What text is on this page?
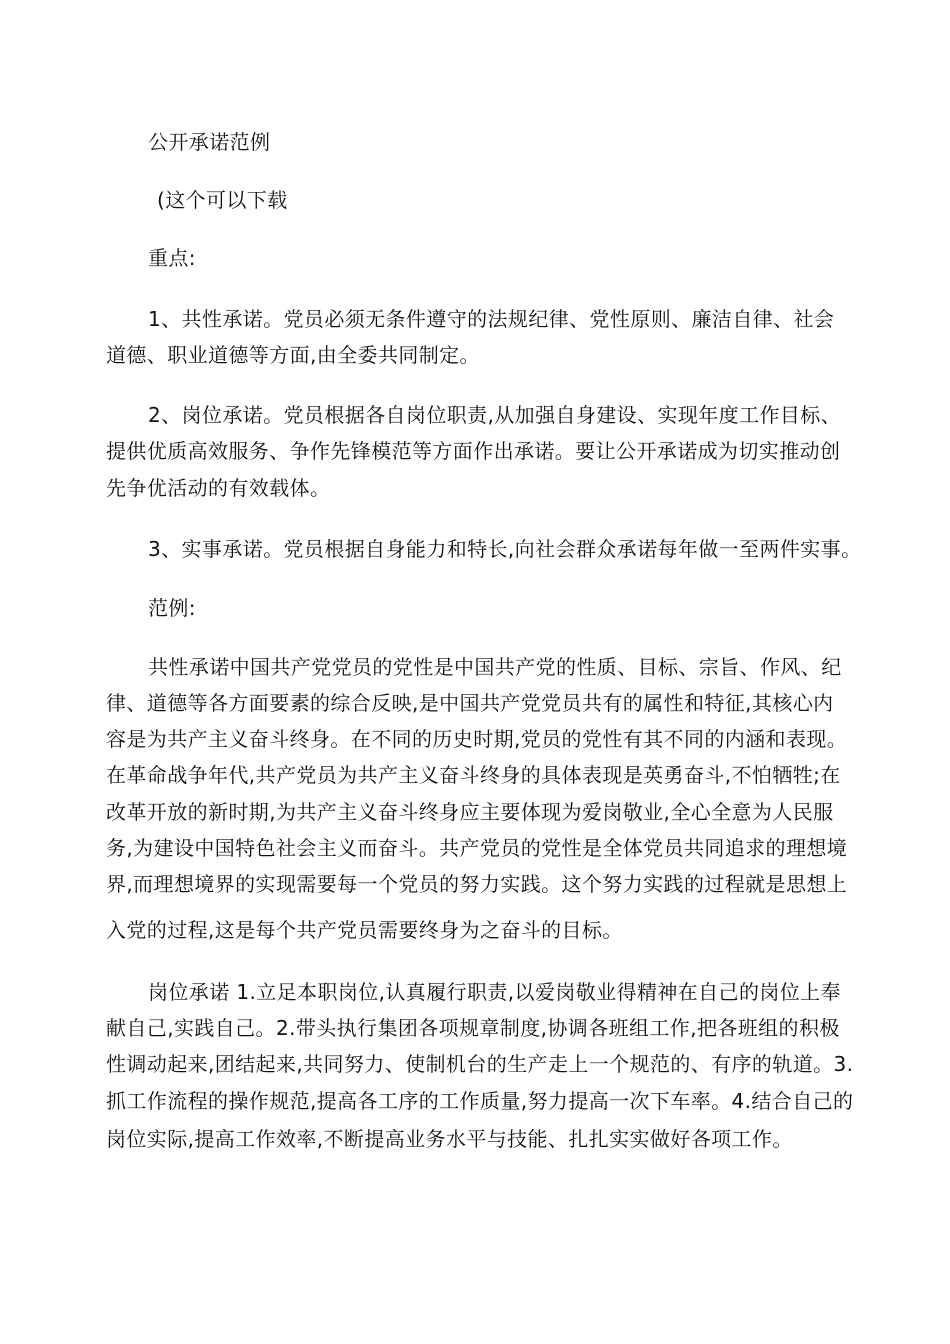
公开承诺范例
(这个可以下载
重点:
1、共性承诺。党员必须无条件遵守的法规纪律、党性原则、廉洁自律、社会
道德、职业道德等方面,由全委共同制定。
2、岗位承诺。党员根据各自岗位职责,从加强自身建设、实现年度工作目标、
提供优质高效服务、争作先锋模范等方面作出承诺。要让公开承诺成为切实推动创
先争优活动的有效载体。
3、实事承诺。党员根据自身能力和特长,向社会群众承诺每年做一至两件实事。
范例:
共性承诺中国共产党党员的党性是中国共产党的性质、目标、宗旨、作风、纪
律、道德等各方面要素的综合反映,是中国共产党党员共有的属性和特征,其核心内
容是为共产主义奋斗终身。在不同的历史时期,党员的党性有其不同的内涵和表现。
在革命战争年代,共产党员为共产主义奋斗终身的具体表现是英勇奋斗,不怕牺牲;在
改革开放的新时期,为共产主义奋斗终身应主要体现为爱岗敬业,全心全意为人民服
务,为建设中国特色社会主义而奋斗。共产党员的党性是全体党员共同追求的理想境
界,而理想境界的实现需要每一个党员的努力实践。这个努力实践的过程就是思想上
入党的过程,这是每个共产党员需要终身为之奋斗的目标。
岗位承诺 1.立足本职岗位,认真履行职责,以爱岗敬业得精神在自己的岗位上奉
献自己,实践自己。2.带头执行集团各项规章制度,协调各班组工作,把各班组的积极
性调动起来,团结起来,共同努力、使制机台的生产走上一个规范的、有序的轨道。3.
抓工作流程的操作规范,提高各工序的工作质量,努力提高一次下车率。4.结合自己的
岗位实际,提高工作效率,不断提高业务水平与技能、扎扎实实做好各项工作。
